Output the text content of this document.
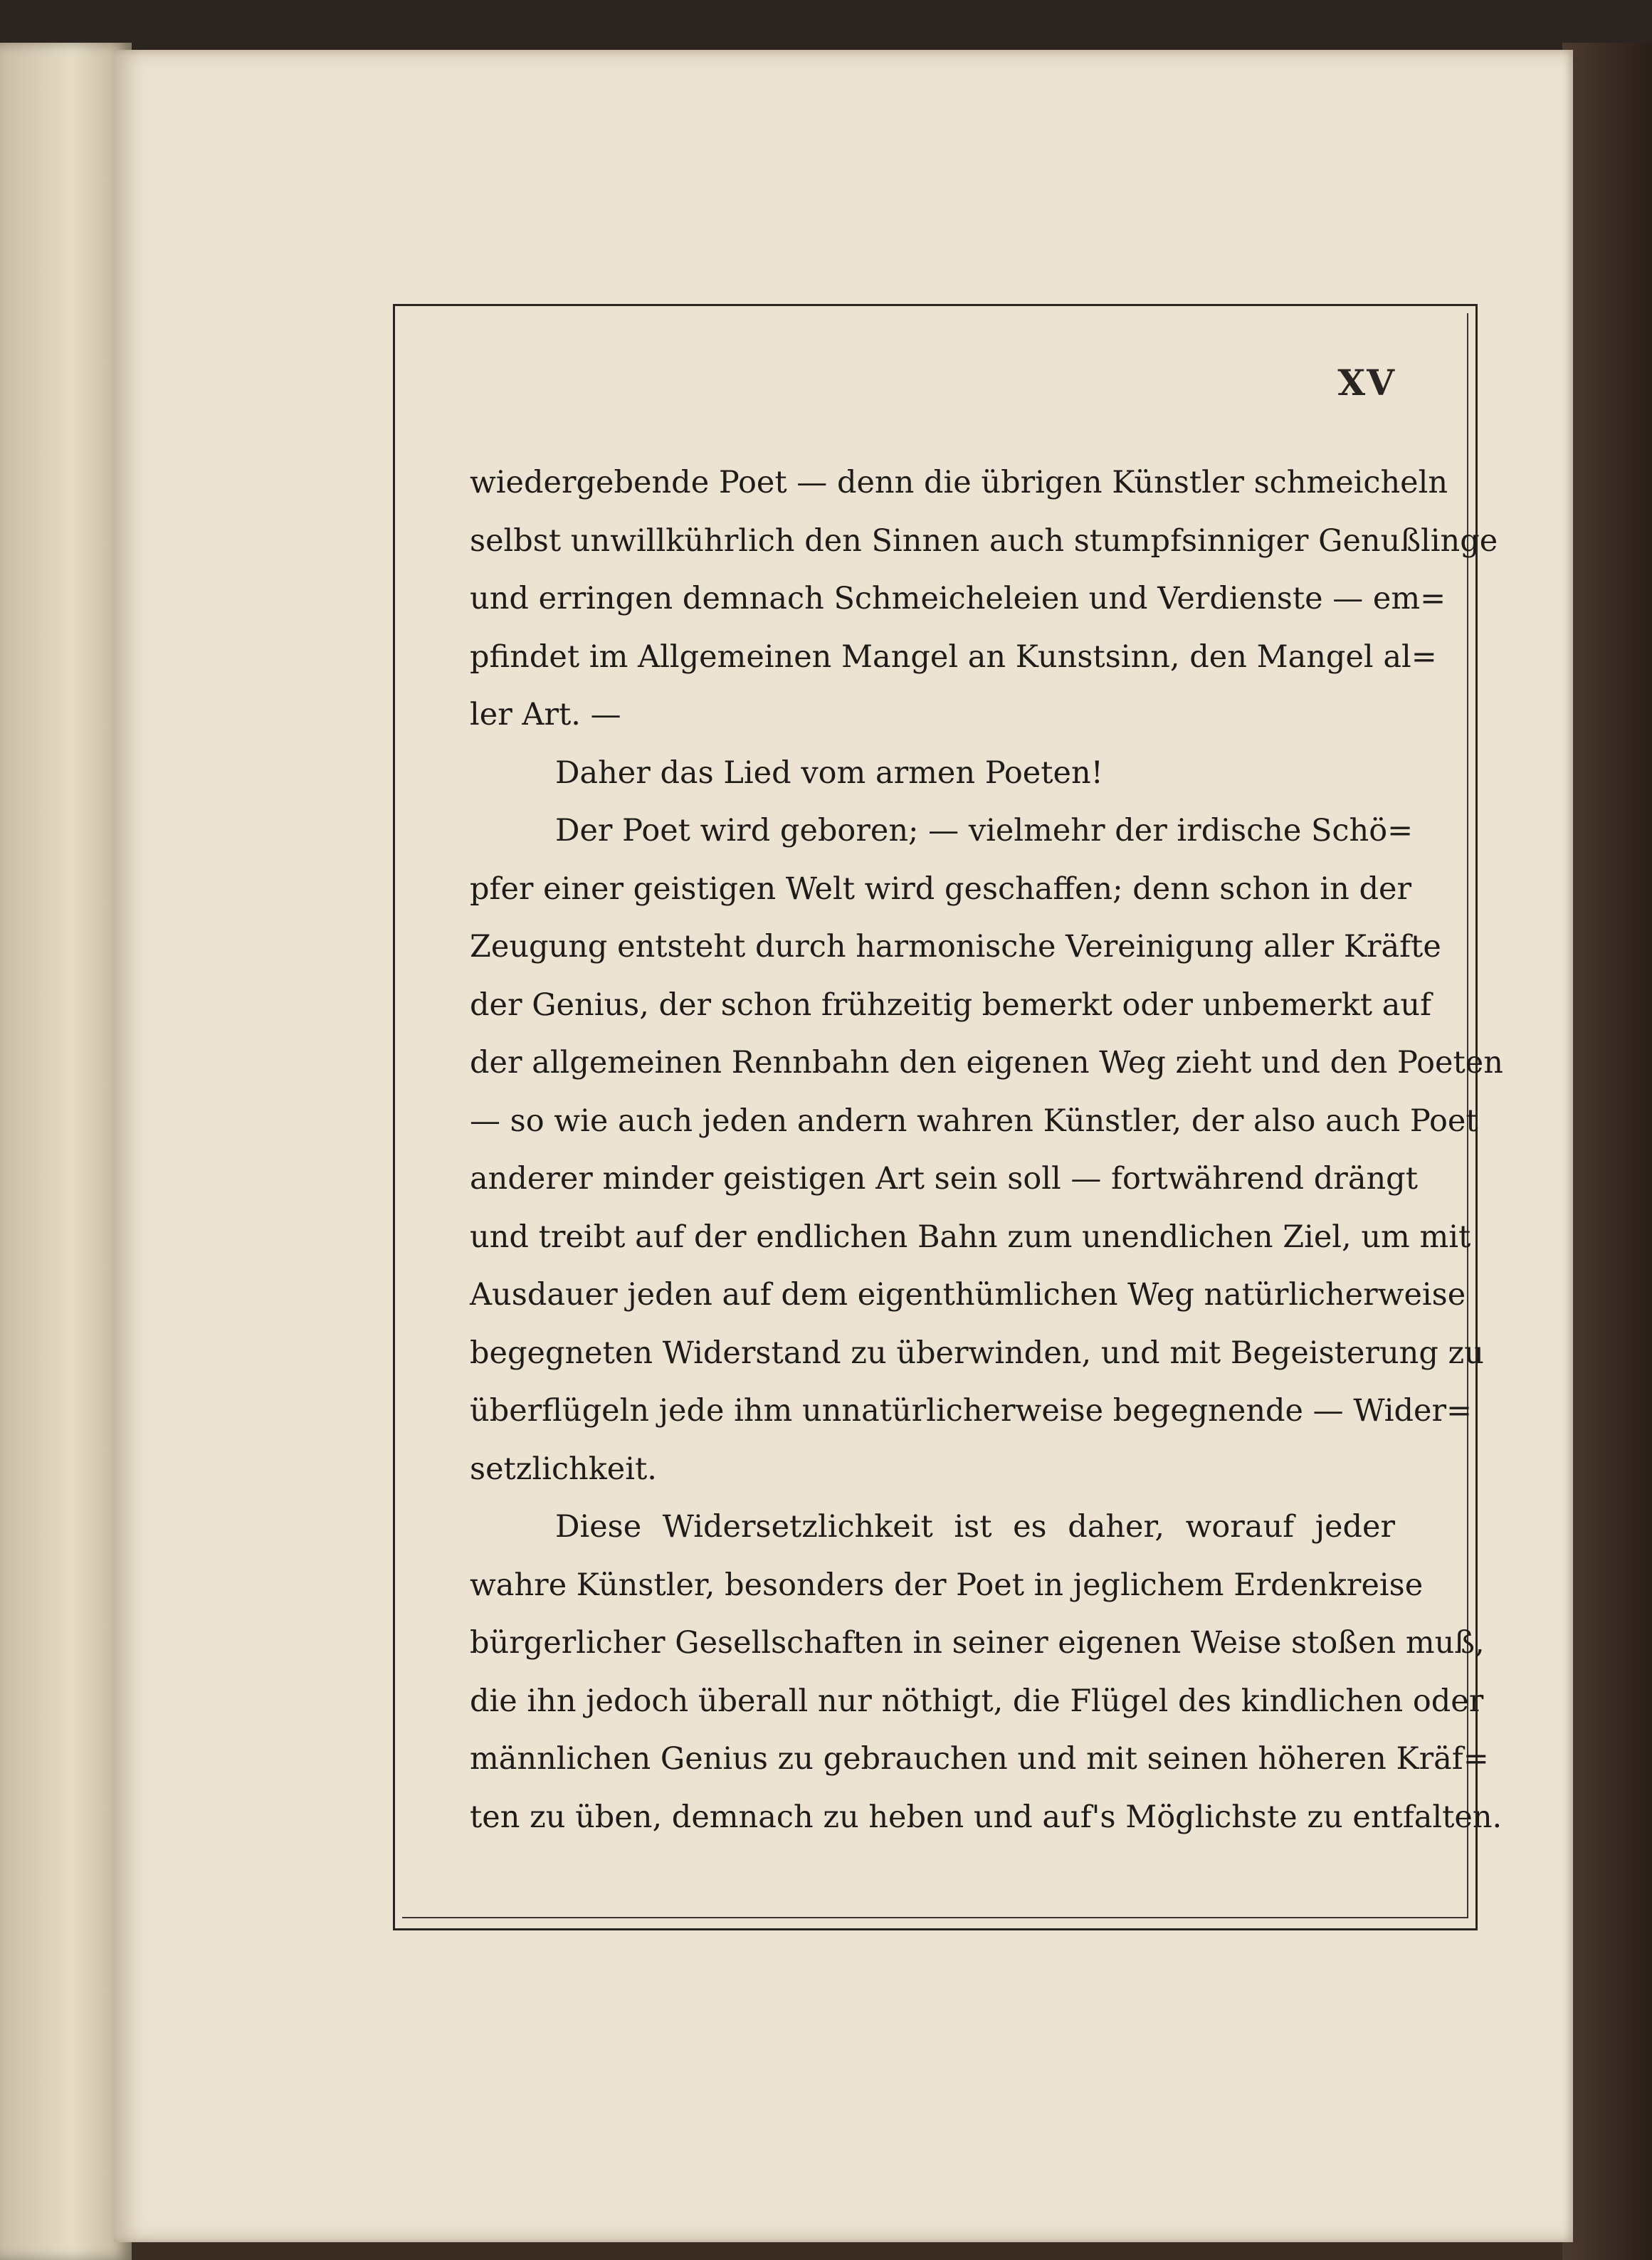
XV
wiedergebende Poet — denn die übrigen Künstler schmeicheln
selbst unwillkührlich den Sinnen auch stumpfsinniger Genußlinge
und erringen demnach Schmeicheleien und Verdienste — em=
pfindet im Allgemeinen Mangel an Kunstsinn, den Mangel al=
ler Art. —
Daher das Lied vom armen Poeten!
Der Poet wird geboren; — vielmehr der irdische Schö=
pfer einer geistigen Welt wird geschaffen; denn schon in der
Zeugung entsteht durch harmonische Vereinigung aller Kräfte
der Genius, der schon frühzeitig bemerkt oder unbemerkt auf
der allgemeinen Rennbahn den eigenen Weg zieht und den Poeten
— so wie auch jeden andern wahren Künstler, der also auch Poet
anderer minder geistigen Art sein soll — fortwährend drängt
und treibt auf der endlichen Bahn zum unendlichen Ziel, um mit
Ausdauer jeden auf dem eigenthümlichen Weg natürlicherweise
begegneten Widerstand zu überwinden, und mit Begeisterung zu
überflügeln jede ihm unnatürlicherweise begegnende — Wider=
setzlichkeit.
Diese Widersetzlichkeit ist es daher, worauf jeder
wahre Künstler, besonders der Poet in jeglichem Erdenkreise
bürgerlicher Gesellschaften in seiner eigenen Weise stoßen muß,
die ihn jedoch überall nur nöthigt, die Flügel des kindlichen oder
männlichen Genius zu gebrauchen und mit seinen höheren Kräf=
ten zu üben, demnach zu heben und auf's Möglichste zu entfalten.
